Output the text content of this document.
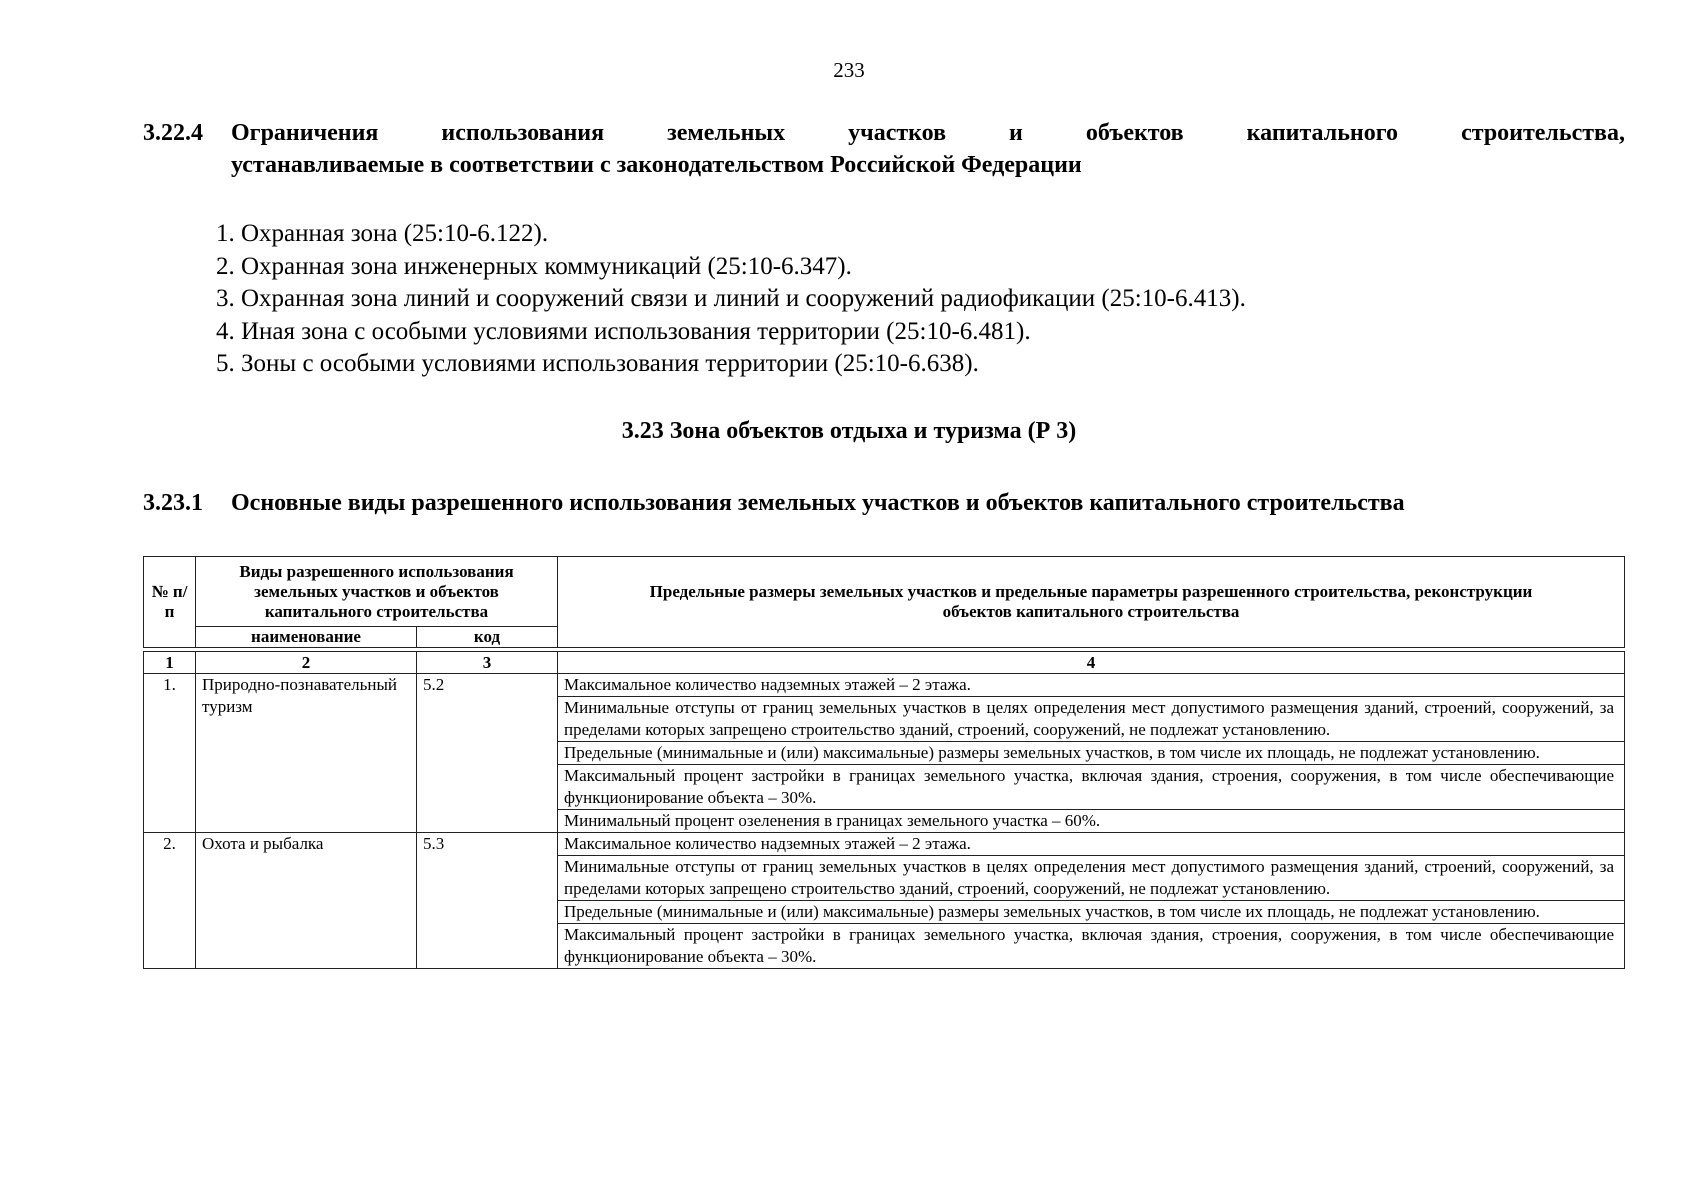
233
3.22.4	Ограничения использования земельных участков и объектов капитального строительства,
устанавливаемые в соответствии с законодательством Российской Федерации
1. Охранная зона (25:10-6.122).
2. Охранная зона инженерных коммуникаций (25:10-6.347).
3. Охранная зона линий и сооружений связи и линий и сооружений радиофикации (25:10-6.413).
4. Иная зона с особыми условиями использования территории (25:10-6.481).
5. Зоны с особыми условиями использования территории (25:10-6.638).
3.23 Зона объектов отдыха и туризма (Р 3)
3.23.1	Основные виды разрешенного использования земельных участков и объектов капитального строительства
№ п/п	Виды разрешенного использования земельных участков и объектов капитального строительства		Предельные размеры земельных участков и предельные параметры разрешенного строительства, реконструкции объектов капитального строительства
	наименование	код	
1	2	3	4
1.	Природно-познавательный туризм	5.2	Максимальное количество надземных этажей – 2 этажа.
			Минимальные отступы от границ земельных участков в целях определения мест допустимого размещения зданий, строений, сооружений, за пределами которых запрещено строительство зданий, строений, сооружений, не подлежат установлению.
			Предельные (минимальные и (или) максимальные) размеры земельных участков, в том числе их площадь, не подлежат установлению.
			Максимальный процент застройки в границах земельного участка, включая здания, строения, сооружения, в том числе обеспечивающие функционирование объекта – 30%.
			Минимальный процент озеленения в границах земельного участка – 60%.
2.	Охота и рыбалка	5.3	Максимальное количество надземных этажей – 2 этажа.
			Минимальные отступы от границ земельных участков в целях определения мест допустимого размещения зданий, строений, сооружений, за пределами которых запрещено строительство зданий, строений, сооружений, не подлежат установлению.
			Предельные (минимальные и (или) максимальные) размеры земельных участков, в том числе их площадь, не подлежат установлению.
			Максимальный процент застройки в границах земельного участка, включая здания, строения, сооружения, в том числе обеспечивающие функционирование объекта – 30%.
